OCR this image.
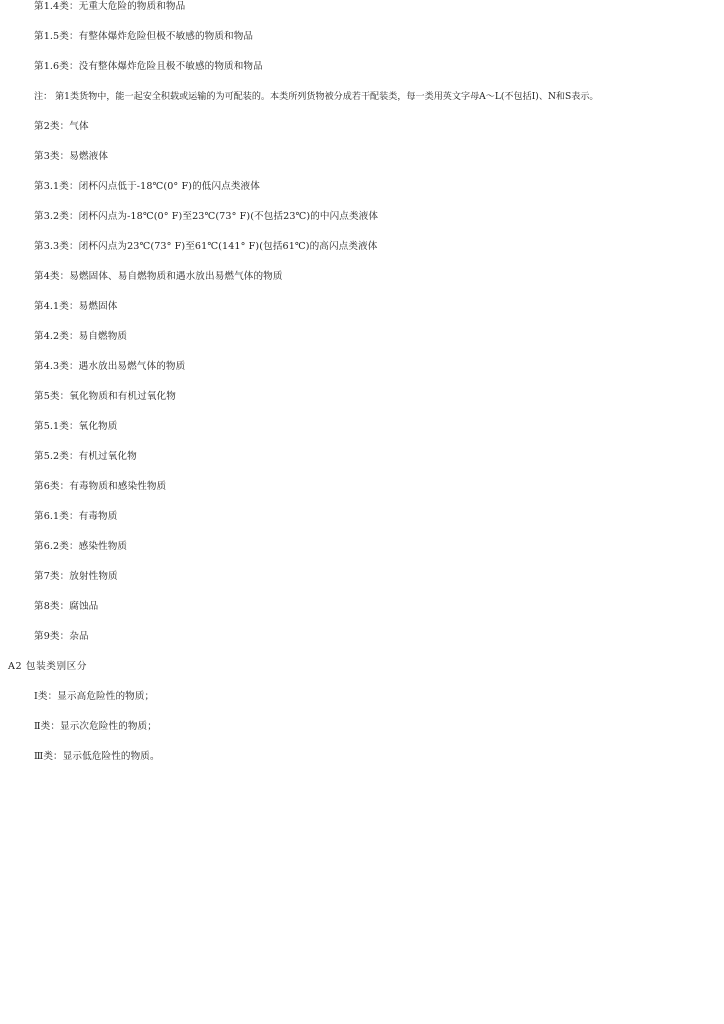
第1.4类：无重大危险的物质和物品
第1.5类：有整体爆炸危险但极不敏感的物质和物品
第1.6类：没有整体爆炸危险且极不敏感的物质和物品
注： 第1类货物中，能一起安全积载或运输的为可配装的。本类所列货物被分成若干配装类，每一类用英文字母A～L(不包括Ⅰ)、N和S表示。
第2类：气体
第3类：易燃液体
第3.1类：闭杯闪点低于-18℃(0° F)的低闪点类液体
第3.2类：闭杯闪点为-18℃(0° F)至23℃(73° F)(不包括23℃)的中闪点类液体
第3.3类：闭杯闪点为23℃(73° F)至61℃(141° F)(包括61℃)的高闪点类液体
第4类：易燃固体、易自燃物质和遇水放出易燃气体的物质
第4.1类：易燃固体
第4.2类：易自燃物质
第4.3类：遇水放出易燃气体的物质
第5类：氧化物质和有机过氧化物
第5.1类：氧化物质
第5.2类：有机过氧化物
第6类：有毒物质和感染性物质
第6.1类：有毒物质
第6.2类：感染性物质
第7类：放射性物质
第8类：腐蚀品
第9类：杂品
A2 包装类别区分
Ⅰ类：显示高危险性的物质；
Ⅱ类：显示次危险性的物质；
Ⅲ类：显示低危险性的物质。
